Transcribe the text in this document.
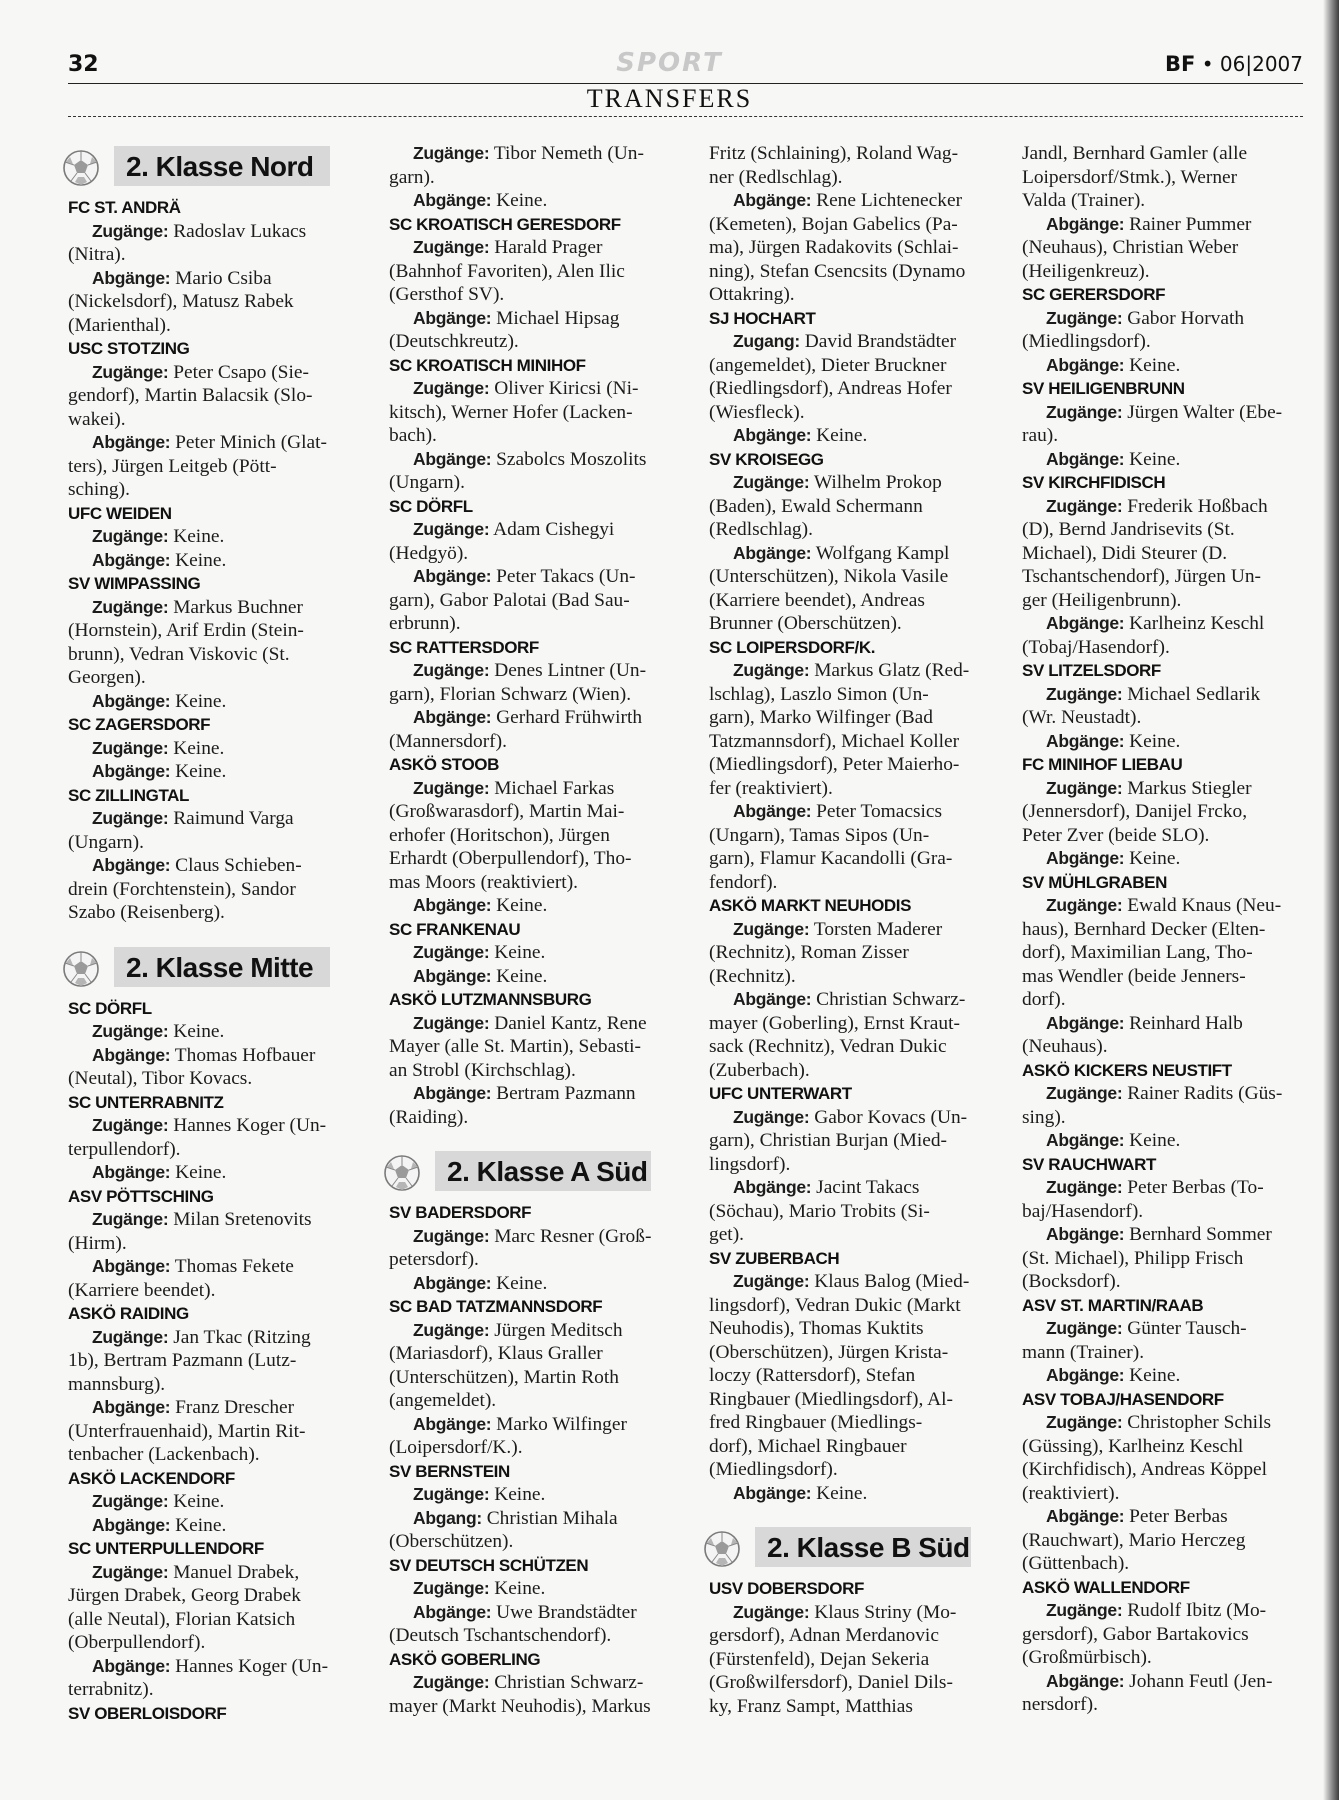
32	SPORT	BF • 06|2007
TRANSFERS
2. Klasse Nord
FC ST. ANDRÄ
Zugänge: Radoslav Lukacs
(Nitra).
Abgänge: Mario Csiba
(Nickelsdorf), Matusz Rabek
(Marienthal).
USC STOTZING
Zugänge: Peter Csapo (Sie-
gendorf), Martin Balacsik (Slo-
wakei).
Abgänge: Peter Minich (Glat-
ters), Jürgen Leitgeb (Pött-
sching).
UFC WEIDEN
Zugänge: Keine.
Abgänge: Keine.
SV WIMPASSING
Zugänge: Markus Buchner
(Hornstein), Arif Erdin (Stein-
brunn), Vedran Viskovic (St.
Georgen).
Abgänge: Keine.
SC ZAGERSDORF
Zugänge: Keine.
Abgänge: Keine.
SC ZILLINGTAL
Zugänge: Raimund Varga
(Ungarn).
Abgänge: Claus Schieben-
drein (Forchtenstein), Sandor
Szabo (Reisenberg).
2. Klasse Mitte
SC DÖRFL
Zugänge: Keine.
Abgänge: Thomas Hofbauer
(Neutal), Tibor Kovacs.
SC UNTERRABNITZ
Zugänge: Hannes Koger (Un-
terpullendorf).
Abgänge: Keine.
ASV PÖTTSCHING
Zugänge: Milan Sretenovits
(Hirm).
Abgänge: Thomas Fekete
(Karriere beendet).
ASKÖ RAIDING
Zugänge: Jan Tkac (Ritzing
1b), Bertram Pazmann (Lutz-
mannsburg).
Abgänge: Franz Drescher
(Unterfrauenhaid), Martin Rit-
tenbacher (Lackenbach).
ASKÖ LACKENDORF
Zugänge: Keine.
Abgänge: Keine.
SC UNTERPULLENDORF
Zugänge: Manuel Drabek,
Jürgen Drabek, Georg Drabek
(alle Neutal), Florian Katsich
(Oberpullendorf).
Abgänge: Hannes Koger (Un-
terrabnitz).
SV OBERLOISDORF
Zugänge: Tibor Nemeth (Un-
garn).
Abgänge: Keine.
SC KROATISCH GERESDORF
Zugänge: Harald Prager
(Bahnhof Favoriten), Alen Ilic
(Gersthof SV).
Abgänge: Michael Hipsag
(Deutschkreutz).
SC KROATISCH MINIHOF
Zugänge: Oliver Kiricsi (Ni-
kitsch), Werner Hofer (Lacken-
bach).
Abgänge: Szabolcs Moszolits
(Ungarn).
SC DÖRFL
Zugänge: Adam Cishegyi
(Hedgyö).
Abgänge: Peter Takacs (Un-
garn), Gabor Palotai (Bad Sau-
erbrunn).
SC RATTERSDORF
Zugänge: Denes Lintner (Un-
garn), Florian Schwarz (Wien).
Abgänge: Gerhard Frühwirth
(Mannersdorf).
ASKÖ STOOB
Zugänge: Michael Farkas
(Großwarasdorf), Martin Mai-
erhofer (Horitschon), Jürgen
Erhardt (Oberpullendorf), Tho-
mas Moors (reaktiviert).
Abgänge: Keine.
SC FRANKENAU
Zugänge: Keine.
Abgänge: Keine.
ASKÖ LUTZMANNSBURG
Zugänge: Daniel Kantz, Rene
Mayer (alle St. Martin), Sebasti-
an Strobl (Kirchschlag).
Abgänge: Bertram Pazmann
(Raiding).
2. Klasse A Süd
SV BADERSDORF
Zugänge: Marc Resner (Groß-
petersdorf).
Abgänge: Keine.
SC BAD TATZMANNSDORF
Zugänge: Jürgen Meditsch
(Mariasdorf), Klaus Graller
(Unterschützen), Martin Roth
(angemeldet).
Abgänge: Marko Wilfinger
(Loipersdorf/K.).
SV BERNSTEIN
Zugänge: Keine.
Abgang: Christian Mihala
(Oberschützen).
SV DEUTSCH SCHÜTZEN
Zugänge: Keine.
Abgänge: Uwe Brandstädter
(Deutsch Tschantschendorf).
ASKÖ GOBERLING
Zugänge: Christian Schwarz-
mayer (Markt Neuhodis), Markus
Fritz (Schlaining), Roland Wag-
ner (Redlschlag).
Abgänge: Rene Lichtenecker
(Kemeten), Bojan Gabelics (Pa-
ma), Jürgen Radakovits (Schlai-
ning), Stefan Csencsits (Dynamo
Ottakring).
SJ HOCHART
Zugang: David Brandstädter
(angemeldet), Dieter Bruckner
(Riedlingsdorf), Andreas Hofer
(Wiesfleck).
Abgänge: Keine.
SV KROISEGG
Zugänge: Wilhelm Prokop
(Baden), Ewald Schermann
(Redlschlag).
Abgänge: Wolfgang Kampl
(Unterschützen), Nikola Vasile
(Karriere beendet), Andreas
Brunner (Oberschützen).
SC LOIPERSDORF/K.
Zugänge: Markus Glatz (Red-
lschlag), Laszlo Simon (Un-
garn), Marko Wilfinger (Bad
Tatzmannsdorf), Michael Koller
(Miedlingsdorf), Peter Maierho-
fer (reaktiviert).
Abgänge: Peter Tomacsics
(Ungarn), Tamas Sipos (Un-
garn), Flamur Kacandolli (Gra-
fendorf).
ASKÖ MARKT NEUHODIS
Zugänge: Torsten Maderer
(Rechnitz), Roman Zisser
(Rechnitz).
Abgänge: Christian Schwarz-
mayer (Goberling), Ernst Kraut-
sack (Rechnitz), Vedran Dukic
(Zuberbach).
UFC UNTERWART
Zugänge: Gabor Kovacs (Un-
garn), Christian Burjan (Mied-
lingsdorf).
Abgänge: Jacint Takacs
(Söchau), Mario Trobits (Si-
get).
SV ZUBERBACH
Zugänge: Klaus Balog (Mied-
lingsdorf), Vedran Dukic (Markt
Neuhodis), Thomas Kuktits
(Oberschützen), Jürgen Krista-
loczy (Rattersdorf), Stefan
Ringbauer (Miedlingsdorf), Al-
fred Ringbauer (Miedlings-
dorf), Michael Ringbauer
(Miedlingsdorf).
Abgänge: Keine.
2. Klasse B Süd
USV DOBERSDORF
Zugänge: Klaus Striny (Mo-
gersdorf), Adnan Merdanovic
(Fürstenfeld), Dejan Sekeria
(Großwilfersdorf), Daniel Dils-
ky, Franz Sampt, Matthias
Jandl, Bernhard Gamler (alle
Loipersdorf/Stmk.), Werner
Valda (Trainer).
Abgänge: Rainer Pummer
(Neuhaus), Christian Weber
(Heiligenkreuz).
SC GERERSDORF
Zugänge: Gabor Horvath
(Miedlingsdorf).
Abgänge: Keine.
SV HEILIGENBRUNN
Zugänge: Jürgen Walter (Ebe-
rau).
Abgänge: Keine.
SV KIRCHFIDISCH
Zugänge: Frederik Hoßbach
(D), Bernd Jandrisevits (St.
Michael), Didi Steurer (D.
Tschantschendorf), Jürgen Un-
ger (Heiligenbrunn).
Abgänge: Karlheinz Keschl
(Tobaj/Hasendorf).
SV LITZELSDORF
Zugänge: Michael Sedlarik
(Wr. Neustadt).
Abgänge: Keine.
FC MINIHOF LIEBAU
Zugänge: Markus Stiegler
(Jennersdorf), Danijel Frcko,
Peter Zver (beide SLO).
Abgänge: Keine.
SV MÜHLGRABEN
Zugänge: Ewald Knaus (Neu-
haus), Bernhard Decker (Elten-
dorf), Maximilian Lang, Tho-
mas Wendler (beide Jenners-
dorf).
Abgänge: Reinhard Halb
(Neuhaus).
ASKÖ KICKERS NEUSTIFT
Zugänge: Rainer Radits (Güs-
sing).
Abgänge: Keine.
SV RAUCHWART
Zugänge: Peter Berbas (To-
baj/Hasendorf).
Abgänge: Bernhard Sommer
(St. Michael), Philipp Frisch
(Bocksdorf).
ASV ST. MARTIN/RAAB
Zugänge: Günter Tausch-
mann (Trainer).
Abgänge: Keine.
ASV TOBAJ/HASENDORF
Zugänge: Christopher Schils
(Güssing), Karlheinz Keschl
(Kirchfidisch), Andreas Köppel
(reaktiviert).
Abgänge: Peter Berbas
(Rauchwart), Mario Herczeg
(Güttenbach).
ASKÖ WALLENDORF
Zugänge: Rudolf Ibitz (Mo-
gersdorf), Gabor Bartakovics
(Großmürbisch).
Abgänge: Johann Feutl (Jen-
nersdorf).
